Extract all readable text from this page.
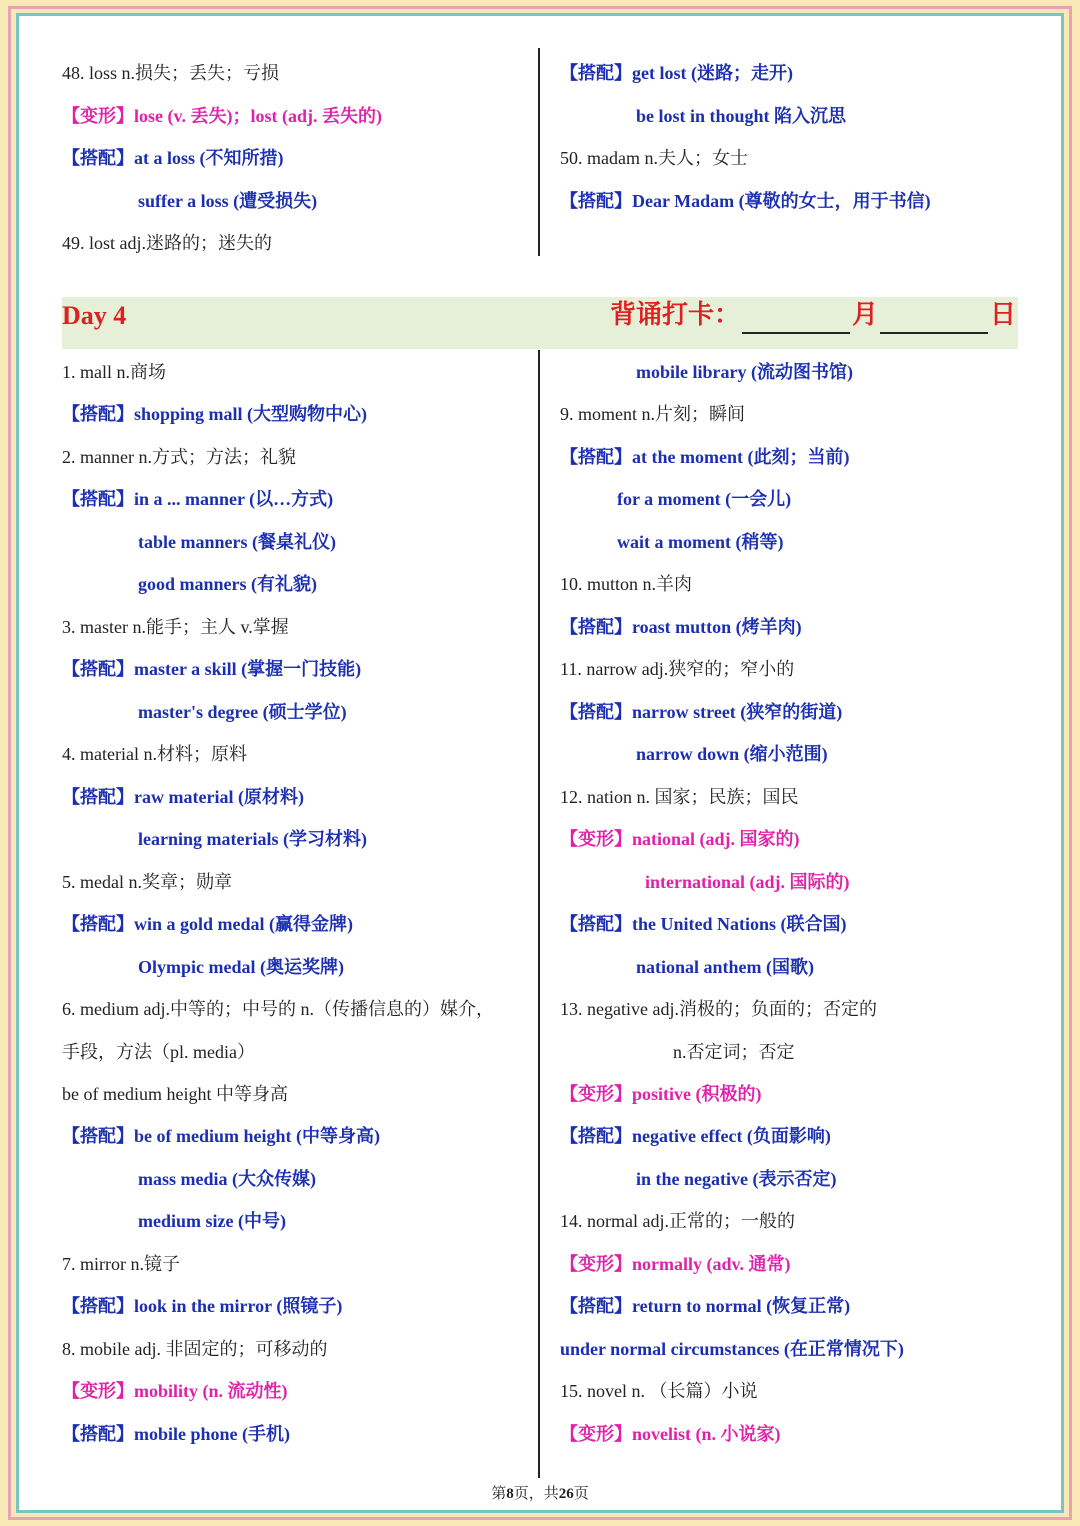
48. loss n.损失；丢失；亏损
【变形】lose (v. 丢失)；lost (adj. 丢失的)
【搭配】at a loss (不知所措)
suffer a loss (遭受损失)
49. lost adj.迷路的；迷失的
【搭配】get lost (迷路；走开)
be lost in thought 陷入沉思
50. madam n.夫人；女士
【搭配】Dear Madam (尊敬的女士，用于书信)
1. mall n.商场
【搭配】shopping mall (大型购物中心)
2. manner n.方式；方法；礼貌
【搭配】in a ... manner (以…方式)
table manners (餐桌礼仪)
good manners (有礼貌)
3. master n.能手；主人 v.掌握
【搭配】master a skill (掌握一门技能)
master's degree (硕士学位)
4. material n.材料；原料
【搭配】raw material (原材料)
learning materials (学习材料)
5. medal n.奖章；勋章
【搭配】win a gold medal (赢得金牌)
Olympic medal (奥运奖牌)
6. medium adj.中等的；中号的 n.（传播信息的）媒介，
手段，方法（pl. media）
be of medium height 中等身高
【搭配】be of medium height (中等身高)
mass media (大众传媒)
medium size (中号)
7. mirror n.镜子
【搭配】look in the mirror (照镜子)
8. mobile adj. 非固定的；可移动的
【变形】mobility (n. 流动性)
【搭配】mobile phone (手机)
mobile library (流动图书馆)
9. moment n.片刻；瞬间
【搭配】at the moment (此刻；当前)
for a moment (一会儿)
wait a moment (稍等)
10. mutton n.羊肉
【搭配】roast mutton (烤羊肉)
11. narrow adj.狭窄的；窄小的
【搭配】narrow street (狭窄的街道)
narrow down (缩小范围)
12. nation n. 国家；民族；国民
【变形】national (adj. 国家的)
international (adj. 国际的)
【搭配】the United Nations (联合国)
national anthem (国歌)
13. negative adj.消极的；负面的；否定的
n.否定词；否定
【变形】positive (积极的)
【搭配】negative effect (负面影响)
in the negative (表示否定)
14. normal adj.正常的；一般的
【变形】normally (adv. 通常)
【搭配】return to normal (恢复正常)
under normal circumstances (在正常情况下)
15. novel n. （长篇）小说
【变形】novelist (n. 小说家)
Day 4	背诵打卡：	月	日
第8页，共26页
